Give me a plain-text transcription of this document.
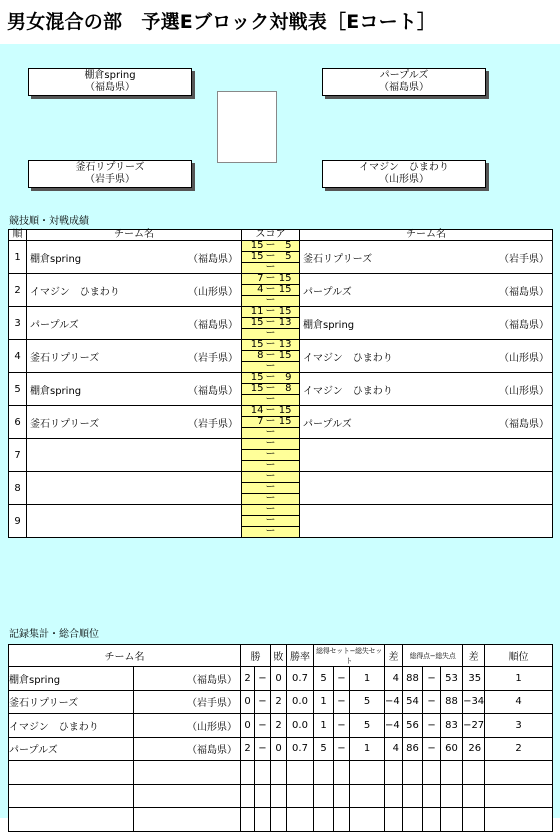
男女混合の部　予選Eブロック対戦表［Eコート］
棚倉spring
（福島県）
パープルズ
（福島県）
釜石リプリーズ
（岩手県）
イマジン　ひまわり
（山形県）
競技順・対戦成績
順	チーム名	スコア	チーム名
1	棚倉spring （福島県）	15 ー 5	釜石リプリーズ （岩手県）

		15 ー 5	
		ー	
2	イマジン　ひまわり （山形県）	7 ー 15	パープルズ （福島県）

		4 ー 15	
		ー	
3	パープルズ （福島県）	11 ー 15	棚倉spring （福島県）

		15 ー 13	
		ー	
4	釜石リプリーズ （岩手県）	15 ー 13	イマジン　ひまわり （山形県）

		8 ー 15	
		ー	
5	棚倉spring （福島県）	15 ー 9	イマジン　ひまわり （山形県）

		15 ー 8	
		ー	
6	釜石リプリーズ （岩手県）	14 ー 15	パープルズ （福島県）

		7 ー 15	
		ー	
7		ー	

		ー	
		ー	
8		ー	

		ー	
		ー	
9		ー	

		ー	
		ー	
記録集計・総合順位
チーム名		勝		敗	勝率	総得セット−総失セット			差	総得点−総失点			差	順位
棚倉spring	（福島県）	2	−	0	0.7	5	−	1	4	88	−	53	35	1
釜石リプリーズ	（岩手県）	0	−	2	0.0	1	−	5	−4	54	−	88	−34	4
イマジン　ひまわり	（山形県）	0	−	2	0.0	1	−	5	−4	56	−	83	−27	3
パープルズ	（福島県）	2	−	0	0.7	5	−	1	4	86	−	60	26	2
